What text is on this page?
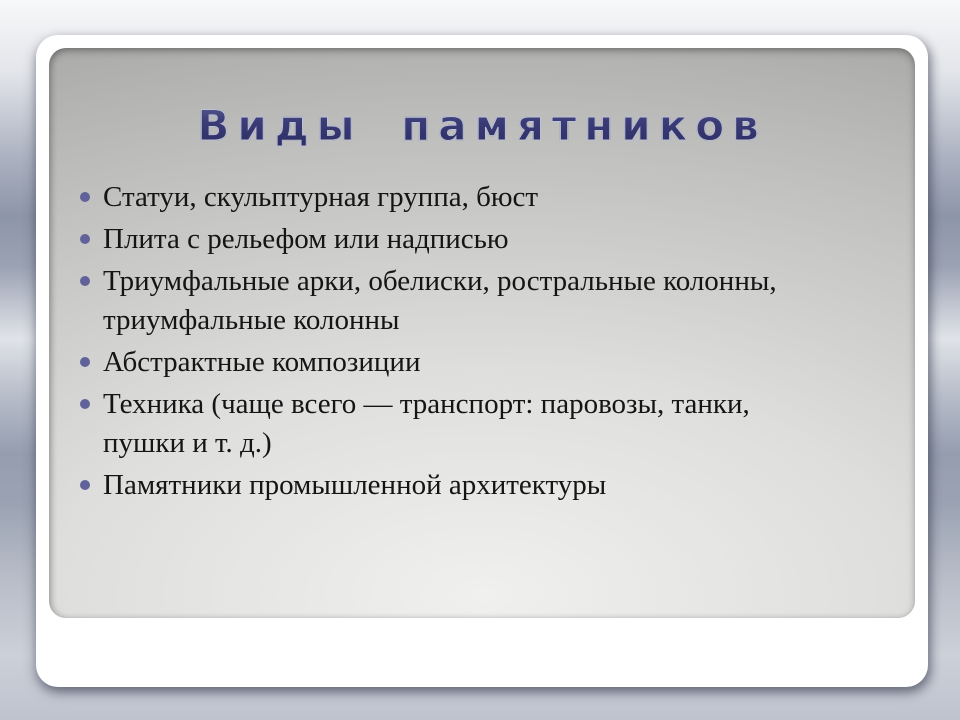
Виды памятников
Статуи, скульптурная группа, бюст
Плита с рельефом или надписью
Триумфальные арки, обелиски, ростральные колонны, триумфальные колонны
Абстрактные композиции
Техника (чаще всего — транспорт: паровозы, танки, пушки и т. д.)
Памятники промышленной архитектуры
